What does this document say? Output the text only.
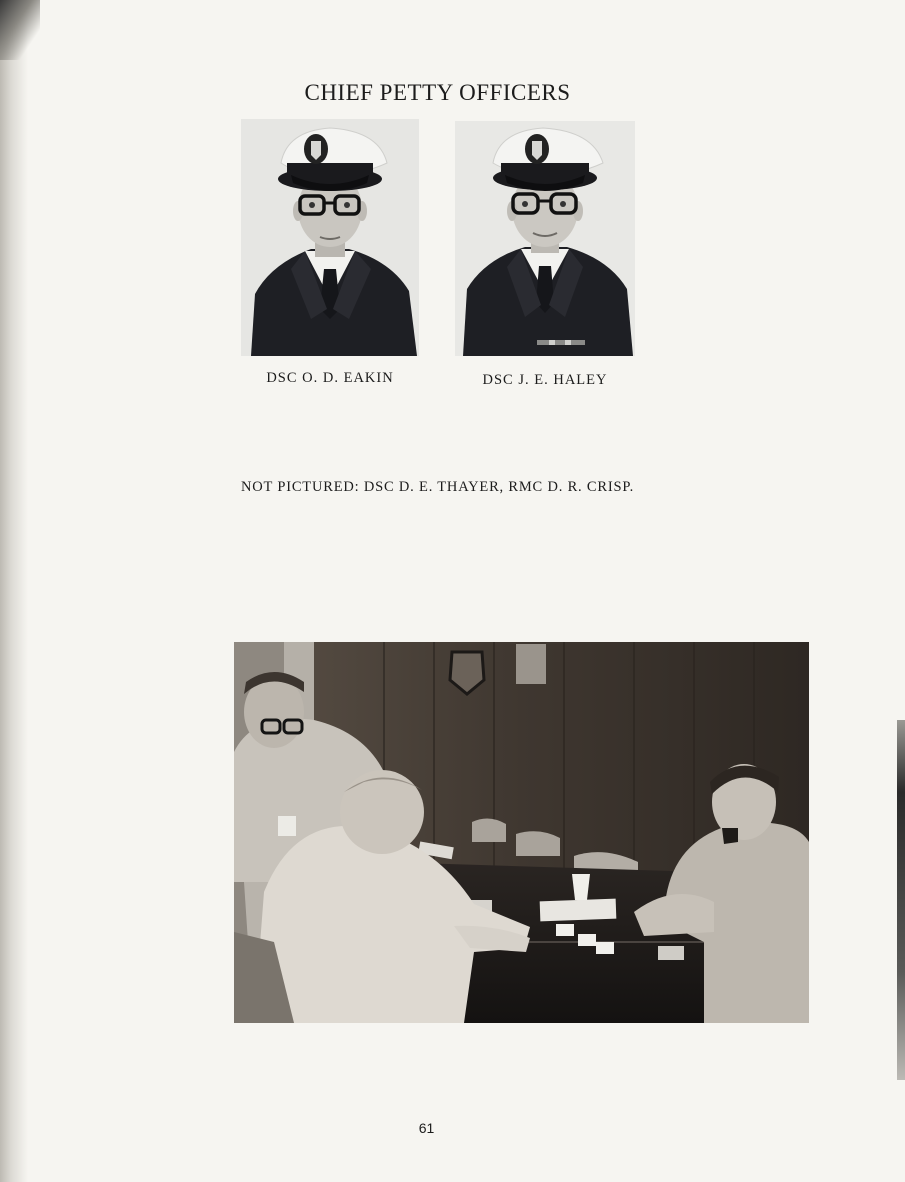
CHIEF PETTY OFFICERS
DSC O. D. EAKIN	DSC J. E. HALEY
NOT PICTURED: DSC D. E. THAYER, RMC D. R. CRISP.
61
